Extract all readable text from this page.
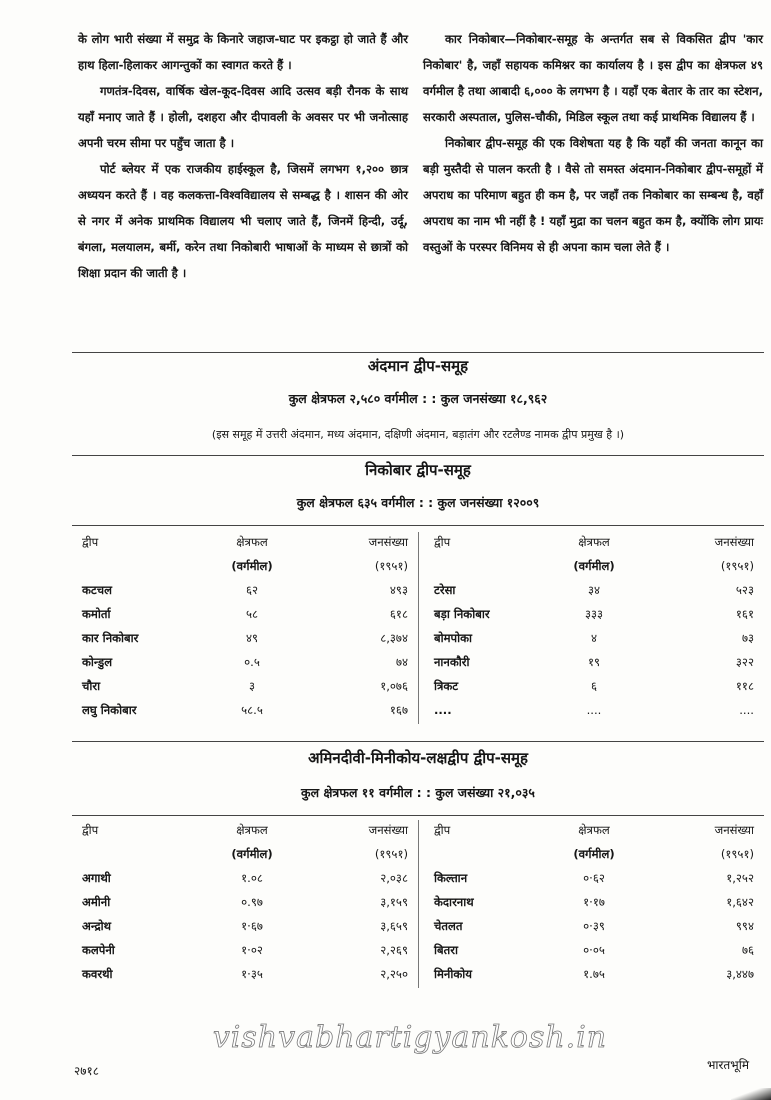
के लोग भारी संख्या में समुद्र के किनारे जहाज-घाट पर इकट्ठा हो जाते हैं और हाथ हिला-हिलाकर आगन्तुकों का स्वागत करते हैं ।

गणतंत्र-दिवस, वार्षिक खेल-कूद-दिवस आदि उत्सव बड़ी रौनक के साथ यहाँ मनाए जाते हैं । होली, दशहरा और दीपावली के अवसर पर भी जनोत्साह अपनी चरम सीमा पर पहुँच जाता है ।

पोर्ट ब्लेयर में एक राजकीय हाईस्कूल है, जिसमें लगभग १,२०० छात्र अध्ययन करते हैं । वह कलकत्ता-विश्वविद्यालय से सम्बद्ध है । शासन की ओर से नगर में अनेक प्राथमिक विद्यालय भी चलाए जाते हैं, जिनमें हिन्दी, उर्दू, बंगला, मलयालम, बर्मी, करेन तथा निकोबारी भाषाओं के माध्यम से छात्रों को शिक्षा प्रदान की जाती है ।

कार निकोबार—निकोबार-समूह के अन्तर्गत सब से विकसित द्वीप 'कार निकोबार' है, जहाँ सहायक कमिश्नर का कार्यालय है । इस द्वीप का क्षेत्रफल ४९ वर्गमील है तथा आबादी ६,००० के लगभग है । यहाँ एक बेतार के तार का स्टेशन, सरकारी अस्पताल, पुलिस-चौकी, मिडिल स्कूल तथा कई प्राथमिक विद्यालय हैं ।

निकोबार द्वीप-समूह की एक विशेषता यह है कि यहाँ की जनता कानून का बड़ी मुस्तैदी से पालन करती है । वैसे तो समस्त अंदमान-निकोबार द्वीप-समूहों में अपराध का परिमाण बहुत ही कम है, पर जहाँ तक निकोबार का सम्बन्ध है, वहाँ अपराध का नाम भी नहीं है ! यहाँ मुद्रा का चलन बहुत कम है, क्योंकि लोग प्रायः वस्तुओं के परस्पर विनिमय से ही अपना काम चला लेते हैं ।

अंदमान द्वीप-समूह
कुल क्षेत्रफल २,५८० वर्गमील : : कुल जनसंख्या १८,९६२
(इस समूह में उत्तरी अंदमान, मध्य अंदमान, दक्षिणी अंदमान, बड़ातंग और रटलैण्ड नामक द्वीप प्रमुख है ।)
निकोबार द्वीप-समूह
कुल क्षेत्रफल ६३५ वर्गमील : : कुल जनसंख्या १२००९
द्वीप	क्षेत्रफल	जनसंख्या
(वर्गमील)	(१९५१)
कटचल	६२	४९३
कमोर्ता	५८	६१८
कार निकोबार	४९	८,३७४
कोन्डुल	०.५	७४
चौरा	३	१,०७६
लघु निकोबार	५८.५	१६७
द्वीप	क्षेत्रफल	जनसंख्या
(वर्गमील)	(१९५१)
टरेसा	३४	५२३
बड़ा निकोबार	३३३	१६१
बोमपोका	४	७३
नानकौरी	१९	३२२
त्रिकट	६	११८
....	....	....
अमिनदीवी-मिनीकोय-लक्षद्वीप द्वीप-समूह
कुल क्षेत्रफल ११ वर्गमील : : कुल जसंख्या २१,०३५
द्वीप	क्षेत्रफल	जनसंख्या
(वर्गमील)	(१९५१)
अगाथी	१.०८	२,०३८
अमीनी	०.९७	३,१५९
अन्द्रोथ	१·६७	३,६५९
कलपेनी	१·०२	२,२६९
कवरथी	१·३५	२,२५०
द्वीप	क्षेत्रफल	जनसंख्या
(वर्गमील)	(१९५१)
किल्तान	०·६२	१,२५२
केदारनाथ	१·१७	१,६४२
चेतलत	०·३९	९९४
बितरा	०·०५	७६
मिनीकोय	१.७५	३,४४७
vishvabhartigyankosh.in
२७१८	भारतभूमि
